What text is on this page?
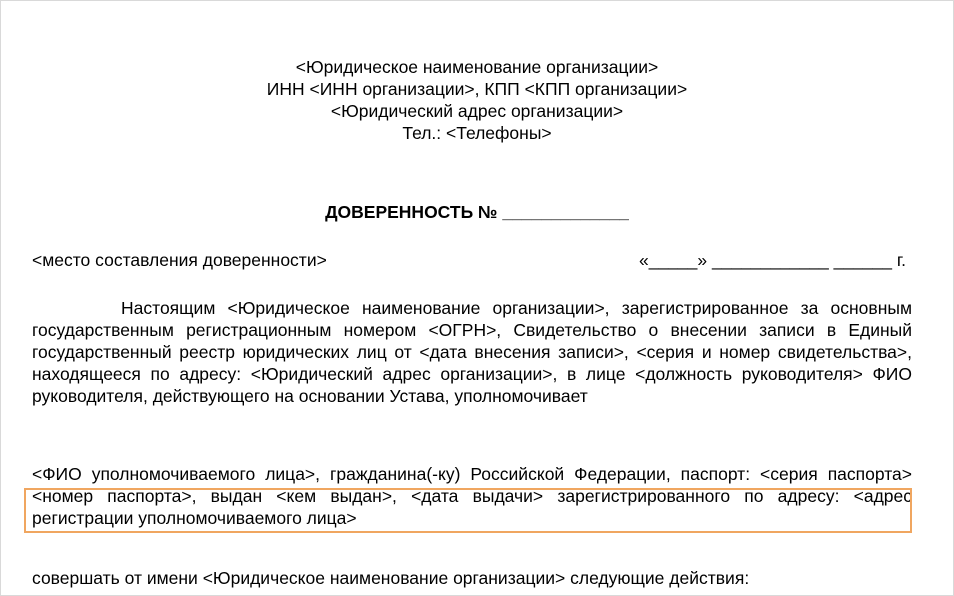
<Юридическое наименование организации>
ИНН <ИНН организации>, КПП <КПП организации>
<Юридический адрес организации>
Тел.: <Телефоны>
ДОВЕРЕННОСТЬ № _____________
<место составления доверенности>	«_____» ____________ ______ г.
Настоящим <Юридическое наименование организации>, зарегистрированное за основным государственным регистрационным номером <ОГРН>, Свидетельство о внесении записи в Единый государственный реестр юридических лиц от <дата внесения записи>, <серия и номер свидетельства>, находящееся по адресу: <Юридический адрес организации>, в лице <должность руководителя> ФИО руководителя, действующего на основании Устава, уполномочивает
<ФИО уполномочиваемого лица>, гражданина(-ку) Российской Федерации, паспорт: <серия паспорта> <номер паспорта>, выдан <кем выдан>, <дата выдачи> зарегистрированного по адресу: <адрес регистрации уполномочиваемого лица>
совершать от имени <Юридическое наименование организации> следующие действия:
